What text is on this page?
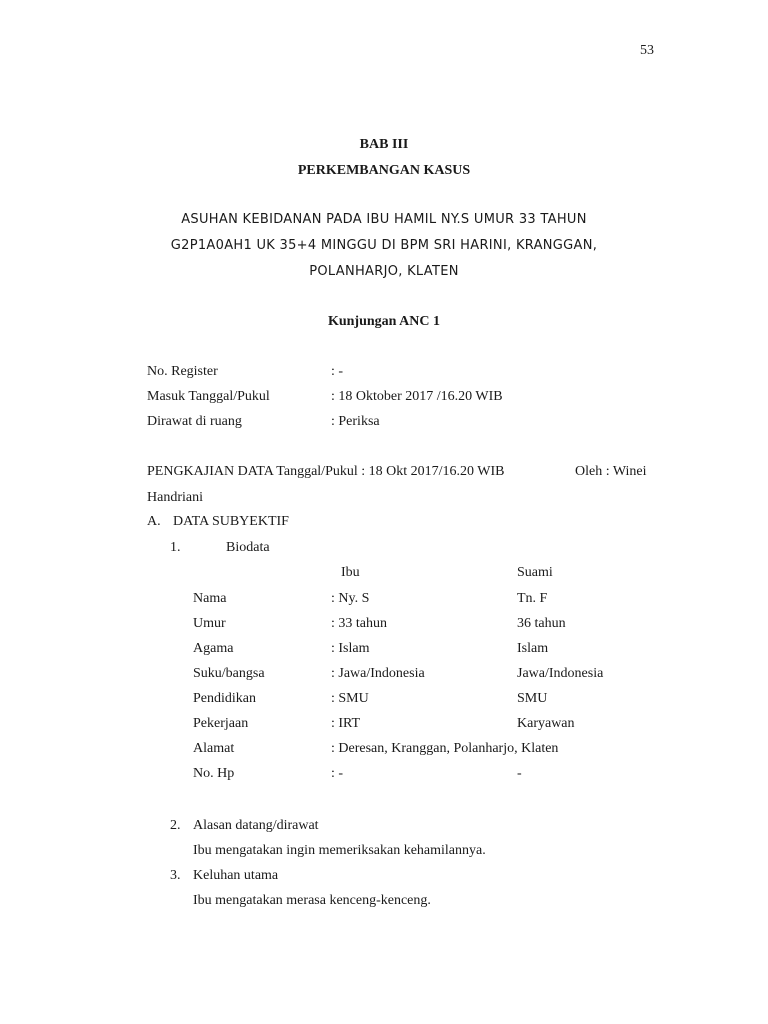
53
BAB III
PERKEMBANGAN KASUS
ASUHAN KEBIDANAN PADA IBU HAMIL NY.S UMUR 33 TAHUN
G2P1A0AH1 UK 35+4 MINGGU DI BPM SRI HARINI, KRANGGAN,
POLANHARJO, KLATEN
Kunjungan ANC 1
No. Register	: -
Masuk Tanggal/Pukul	: 18 Oktober 2017 /16.20 WIB
Dirawat di ruang	: Periksa
PENGKAJIAN DATA Tanggal/Pukul : 18 Okt 2017/16.20 WIB	Oleh : Winei
Handriani
A. DATA SUBYEKTIF
1.	Biodata
Ibu	Suami
Nama	: Ny. S	Tn. F
Umur	: 33 tahun	36 tahun
Agama	: Islam	Islam
Suku/bangsa	: Jawa/Indonesia	Jawa/Indonesia
Pendidikan	: SMU	SMU
Pekerjaan	: IRT	Karyawan
Alamat	: Deresan, Kranggan, Polanharjo, Klaten
No. Hp	: -	-
2. Alasan datang/dirawat
Ibu mengatakan ingin memeriksakan kehamilannya.
3. Keluhan utama
Ibu mengatakan merasa kenceng-kenceng.
